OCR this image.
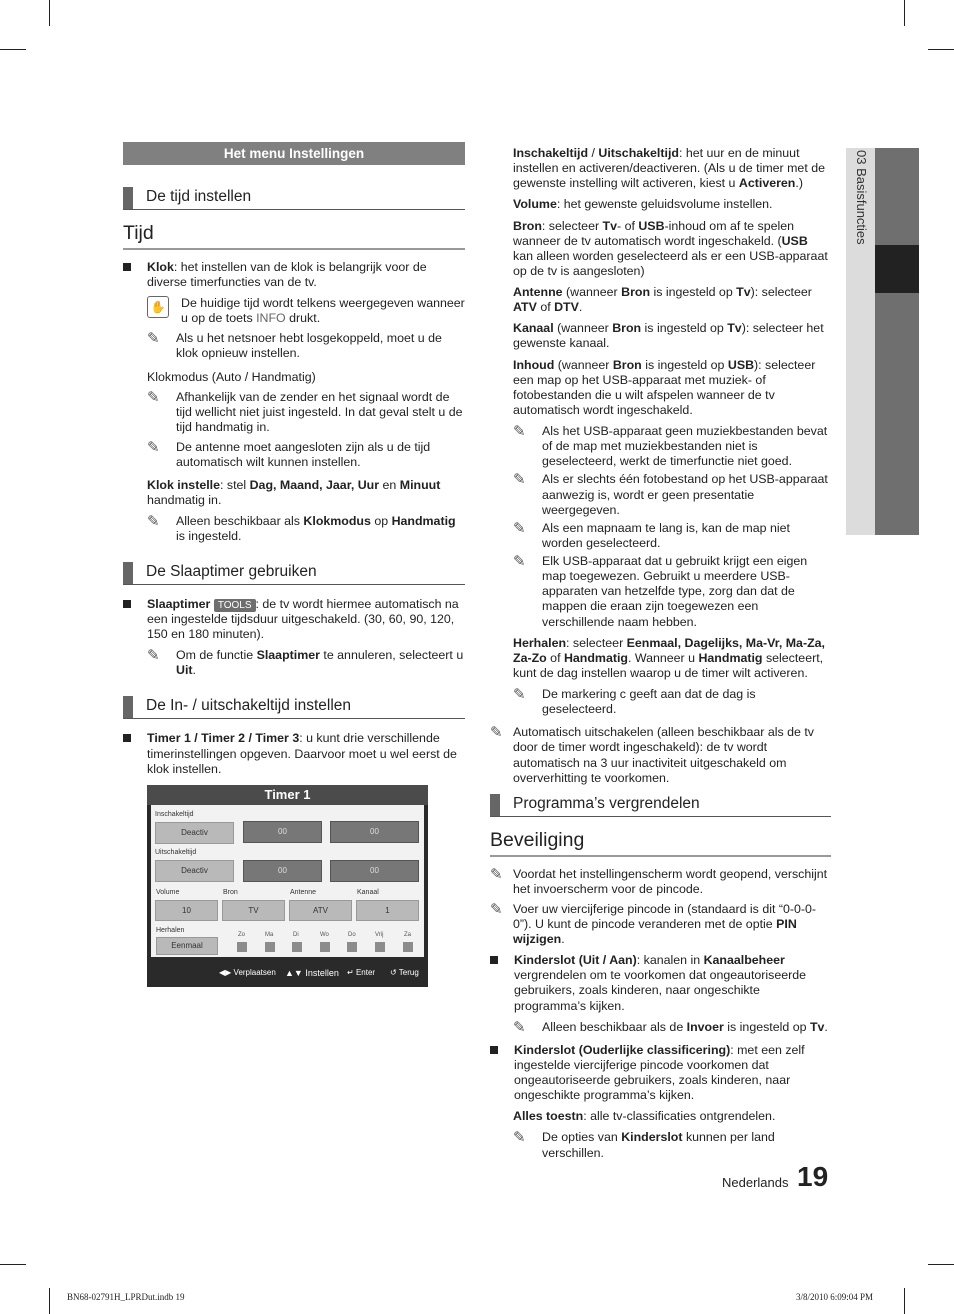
03 Basisfuncties
Het menu Instellingen
De tijd instellen
Tijd
Klok: het instellen van de klok is belangrijk voor de diverse timerfuncties van de tv.
✋ De huidige tijd wordt telkens weergegeven wanneer u op de toets INFO drukt.
✎ Als u het netsnoer hebt losgekoppeld, moet u de klok opnieuw instellen.
Klokmodus (Auto / Handmatig)
✎ Afhankelijk van de zender en het signaal wordt de tijd wellicht niet juist ingesteld. In dat geval stelt u de tijd handmatig in.
✎ De antenne moet aangesloten zijn als u de tijd automatisch wilt kunnen instellen.
Klok instelle: stel Dag, Maand, Jaar, Uur en Minuut handmatig in.
✎ Alleen beschikbaar als Klokmodus op Handmatig is ingesteld.
De Slaaptimer gebruiken
Slaaptimer TOOLS : de tv wordt hiermee automatisch na een ingestelde tijdsduur uitgeschakeld. (30, 60, 90, 120, 150 en 180 minuten).
✎ Om de functie Slaaptimer te annuleren, selecteert u Uit.
De In- / uitschakeltijd instellen
Timer 1 / Timer 2 / Timer 3: u kunt drie verschillende timerinstellingen opgeven. Daarvoor moet u wel eerst de klok instellen.
Timer 1
Inschakeltijd
Deactiv	00	00
Uitschakeltijd
Deactiv	00	00
Volume	Bron	Antenne	Kanaal
10	TV	ATV	1
Herhalen
Eenmaal
Zo	Ma	Di	Wo	Do	Vrij	Za
◀▶ Verplaatsen ▲▼ Instellen ↵ Enter ↺ Terug
Inschakeltijd / Uitschakeltijd: het uur en de minuut instellen en activeren/deactiveren. (Als u de timer met de gewenste instelling wilt activeren, kiest u Activeren.)
Volume: het gewenste geluidsvolume instellen.
Bron: selecteer Tv- of USB-inhoud om af te spelen wanneer de tv automatisch wordt ingeschakeld. (USB kan alleen worden geselecteerd als er een USB-apparaat op de tv is aangesloten)
Antenne (wanneer Bron is ingesteld op Tv): selecteer ATV of DTV.
Kanaal (wanneer Bron is ingesteld op Tv): selecteer het gewenste kanaal.
Inhoud (wanneer Bron is ingesteld op USB): selecteer een map op het USB-apparaat met muziek- of fotobestanden die u wilt afspelen wanneer de tv automatisch wordt ingeschakeld.
✎ Als het USB-apparaat geen muziekbestanden bevat of de map met muziekbestanden niet is geselecteerd, werkt de timerfunctie niet goed.
✎ Als er slechts één fotobestand op het USB-apparaat aanwezig is, wordt er geen presentatie weergegeven.
✎ Als een mapnaam te lang is, kan de map niet worden geselecteerd.
✎ Elk USB-apparaat dat u gebruikt krijgt een eigen map toegewezen. Gebruikt u meerdere USB-apparaten van hetzelfde type, zorg dan dat de mappen die eraan zijn toegewezen een verschillende naam hebben.
Herhalen: selecteer Eenmaal, Dagelijks, Ma-Vr, Ma-Za, Za-Zo of Handmatig. Wanneer u Handmatig selecteert, kunt de dag instellen waarop u de timer wilt activeren.
✎ De markering c geeft aan dat de dag is geselecteerd.
✎ Automatisch uitschakelen (alleen beschikbaar als de tv door de timer wordt ingeschakeld): de tv wordt automatisch na 3 uur inactiviteit uitgeschakeld om oververhitting te voorkomen.
Programma’s vergrendelen
Beveiliging
✎ Voordat het instellingenscherm wordt geopend, verschijnt het invoerscherm voor de pincode.
✎ Voer uw viercijferige pincode in (standaard is dit “0-0-0-0”). U kunt de pincode veranderen met de optie PIN wijzigen.
Kinderslot (Uit / Aan): kanalen in Kanaalbeheer vergrendelen om te voorkomen dat ongeautoriseerde gebruikers, zoals kinderen, naar ongeschikte programma’s kijken.
✎ Alleen beschikbaar als de Invoer is ingesteld op Tv.
Kinderslot (Ouderlijke classificering): met een zelf ingestelde viercijferige pincode voorkomen dat ongeautoriseerde gebruikers, zoals kinderen, naar ongeschikte programma’s kijken.
Alles toestn: alle tv-classificaties ontgrendelen.
✎ De opties van Kinderslot kunnen per land verschillen.
Nederlands 19
BN68-02791H_LPRDut.indb 19	3/8/2010 6:09:04 PM
